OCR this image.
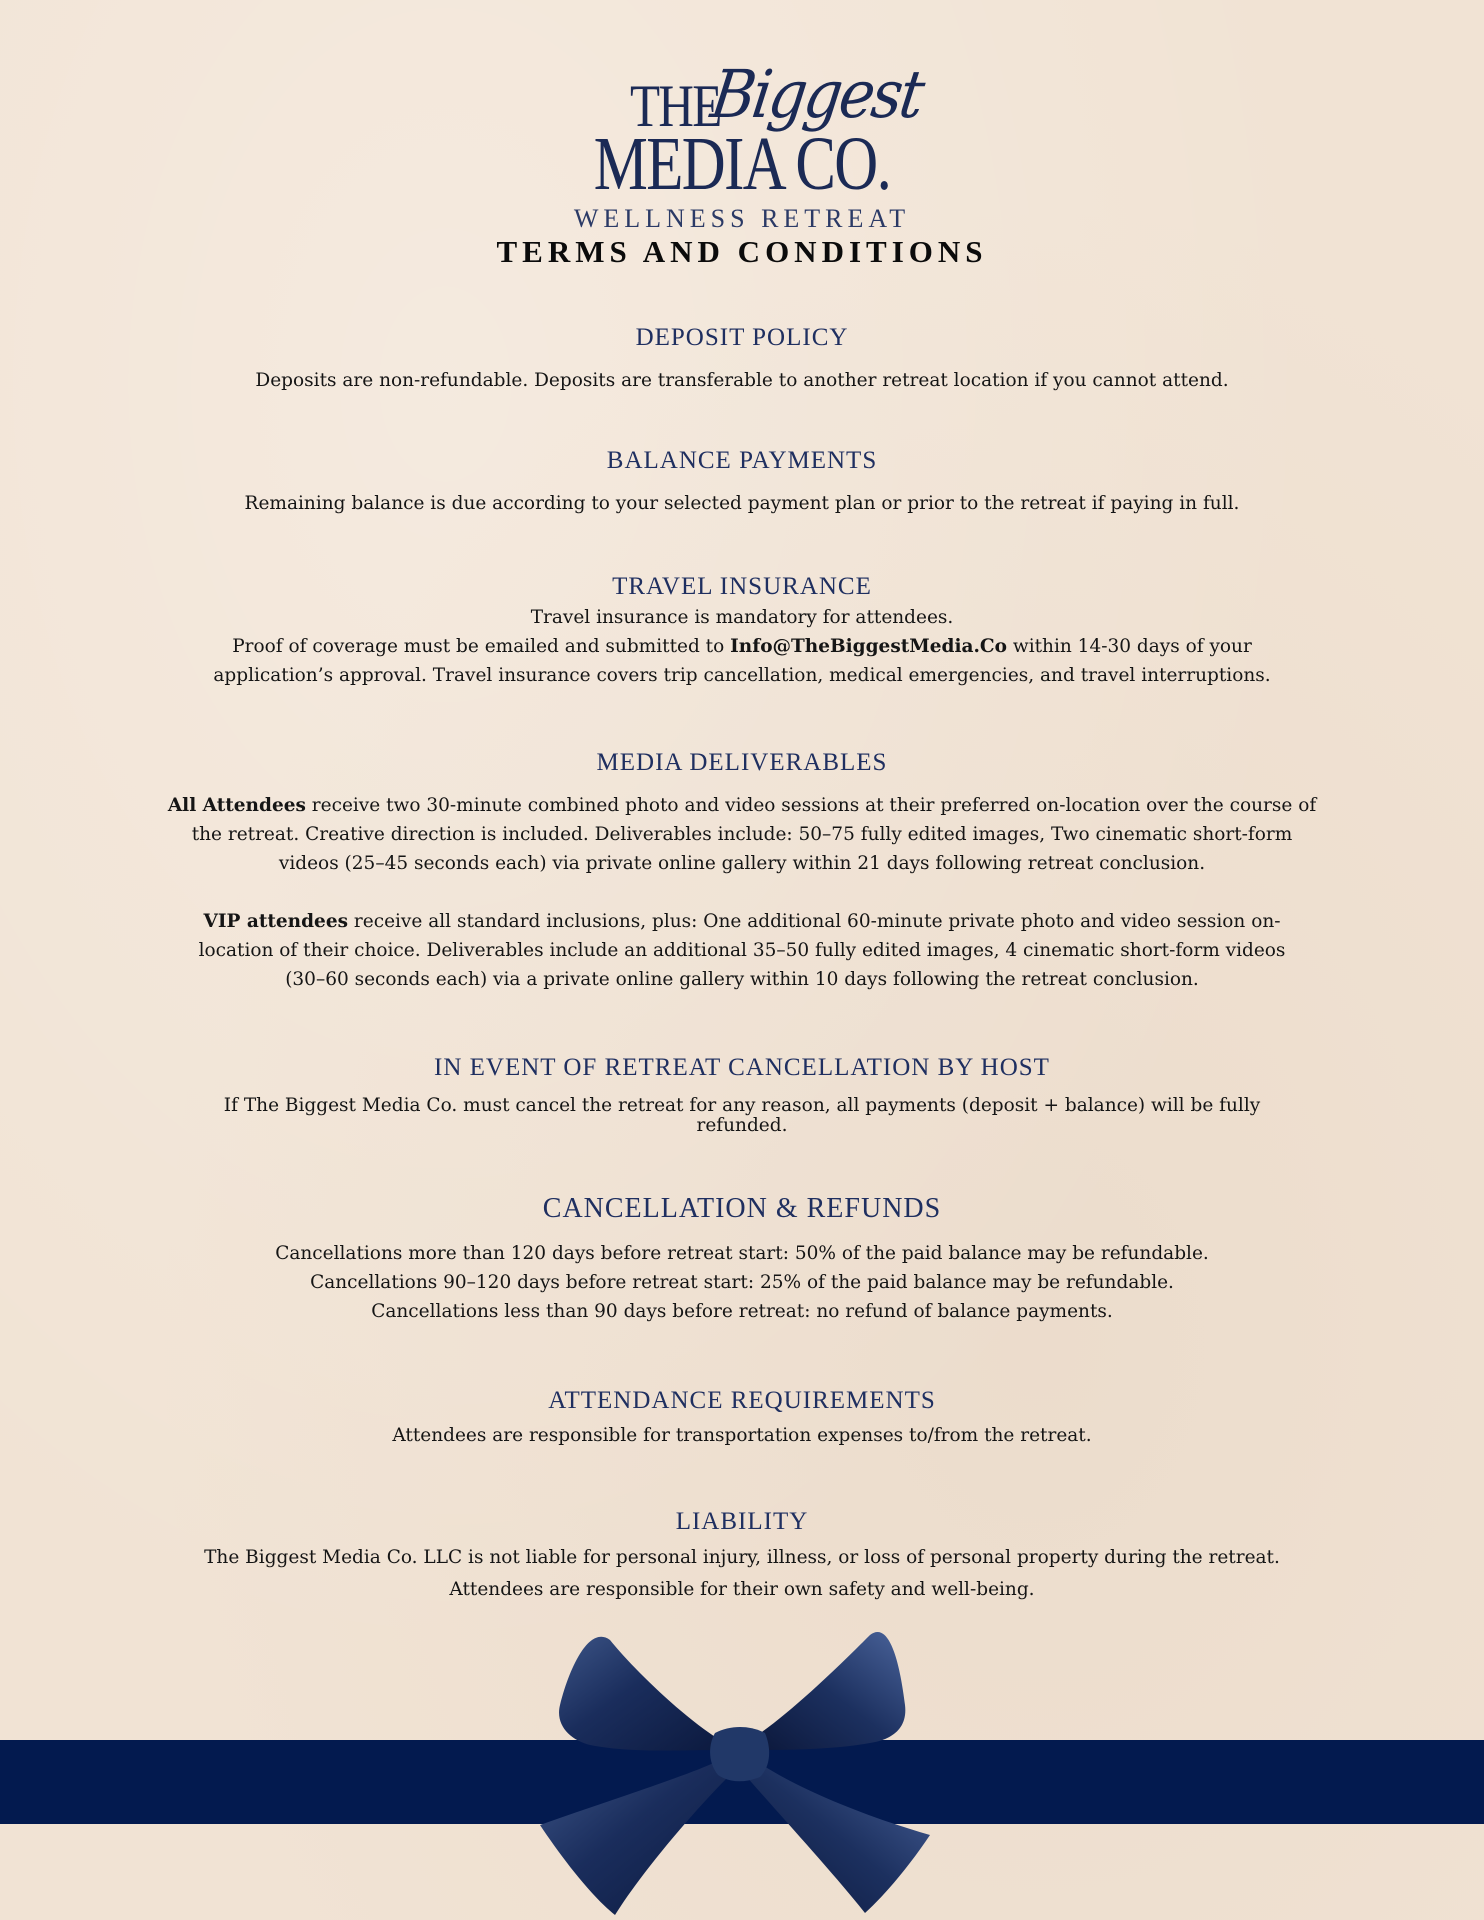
THE
Biggest
MEDIA CO.
WELLNESS RETREAT
TERMS AND CONDITIONS
DEPOSIT POLICY

Deposits are non-refundable. Deposits are transferable to another retreat location if you cannot attend.

BALANCE PAYMENTS

Remaining balance is due according to your selected payment plan or prior to the retreat if paying in full.

TRAVEL INSURANCE

Travel insurance is mandatory for attendees.

Proof of coverage must be emailed and submitted to Info@TheBiggestMedia.Co within 14-30 days of your

application’s approval. Travel insurance covers trip cancellation, medical emergencies, and travel interruptions.

MEDIA DELIVERABLES

All Attendees receive two 30-minute combined photo and video sessions at their preferred on-location over the course of the retreat. Creative direction is included. Deliverables include: 50–75 fully edited images, Two cinematic short-form videos (25–45 seconds each) via private online gallery within 21 days following retreat conclusion.

VIP attendees receive all standard inclusions, plus: One additional 60-minute private photo and video session on-location of their choice. Deliverables include an additional 35–50 fully edited images, 4 cinematic short-form videos (30–60 seconds each) via a private online gallery within 10 days following the retreat conclusion.

IN EVENT OF RETREAT CANCELLATION BY HOST

If The Biggest Media Co. must cancel the retreat for any reason, all payments (deposit + balance) will be fully refunded.

CANCELLATION & REFUNDS

Cancellations more than 120 days before retreat start: 50% of the paid balance may be refundable.

Cancellations 90–120 days before retreat start: 25% of the paid balance may be refundable.

Cancellations less than 90 days before retreat: no refund of balance payments.

ATTENDANCE REQUIREMENTS

Attendees are responsible for transportation expenses to/from the retreat.

LIABILITY

The Biggest Media Co. LLC is not liable for personal injury, illness, or loss of personal property during the retreat.

Attendees are responsible for their own safety and well-being.
